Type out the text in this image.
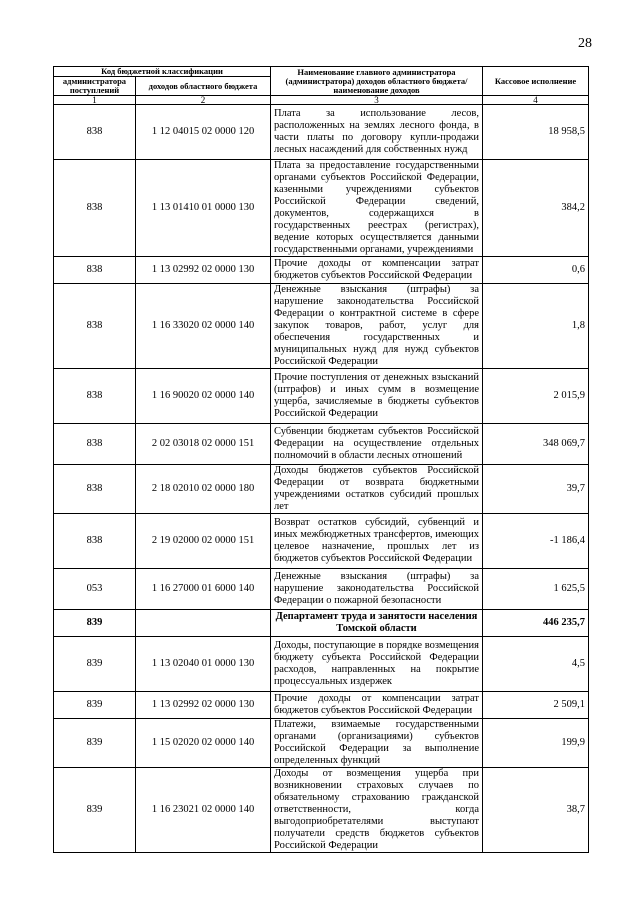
28
Код бюджетной классификации		Наименование главного администратора (администратора) доходов областного бюджета/ наименование доходов	Кассовое исполнение
администратора поступлений	доходов областного бюджета		
1	2	3	4
838	1 12 04015 02 0000 120	Плата за использование лесов, расположенных на землях лесного фонда, в части платы по договору купли-продажи лесных насаждений для собственных нужд	18 958,5
838	1 13 01410 01 0000 130	Плата за предоставление государственными органами субъектов Российской Федерации, казенными учреждениями субъектов Российской Федерации сведений, документов, содержащихся в государственных реестрах (регистрах), ведение которых осуществляется данными государственными органами, учреждениями	384,2
838	1 13 02992 02 0000 130	Прочие доходы от компенсации затрат бюджетов субъектов Российской Федерации	0,6
838	1 16 33020 02 0000 140	Денежные взыскания (штрафы) за нарушение законодательства Российской Федерации о контрактной системе в сфере закупок товаров, работ, услуг для обеспечения государственных и муниципальных нужд для нужд субъектов Российской Федерации	1,8
838	1 16 90020 02 0000 140	Прочие поступления от денежных взысканий (штрафов) и иных сумм в возмещение ущерба, зачисляемые в бюджеты субъектов Российской Федерации	2 015,9
838	2 02 03018 02 0000 151	Субвенции бюджетам субъектов Российской Федерации на осуществление отдельных полномочий в области лесных отношений	348 069,7
838	2 18 02010 02 0000 180	Доходы бюджетов субъектов Российской Федерации от возврата бюджетными учреждениями остатков субсидий прошлых лет	39,7
838	2 19 02000 02 0000 151	Возврат остатков субсидий, субвенций и иных межбюджетных трансфертов, имеющих целевое назначение, прошлых лет из бюджетов субъектов Российской Федерации	-1 186,4
053	1 16 27000 01 6000 140	Денежные взыскания (штрафы) за нарушение законодательства Российской Федерации о пожарной безопасности	1 625,5
839		Департамент труда и занятости населения Томской области	446 235,7
839	1 13 02040 01 0000 130	Доходы, поступающие в порядке возмещения бюджету субъекта Российской Федерации расходов, направленных на покрытие процессуальных издержек	4,5
839	1 13 02992 02 0000 130	Прочие доходы от компенсации затрат бюджетов субъектов Российской Федерации	2 509,1
839	1 15 02020 02 0000 140	Платежи, взимаемые государственными органами (организациями) субъектов Российской Федерации за выполнение определенных функций	199,9
839	1 16 23021 02 0000 140	Доходы от возмещения ущерба при возникновении страховых случаев по обязательному страхованию гражданской ответственности, когда выгодоприобретателями выступают получатели средств бюджетов субъектов Российской Федерации	38,7
